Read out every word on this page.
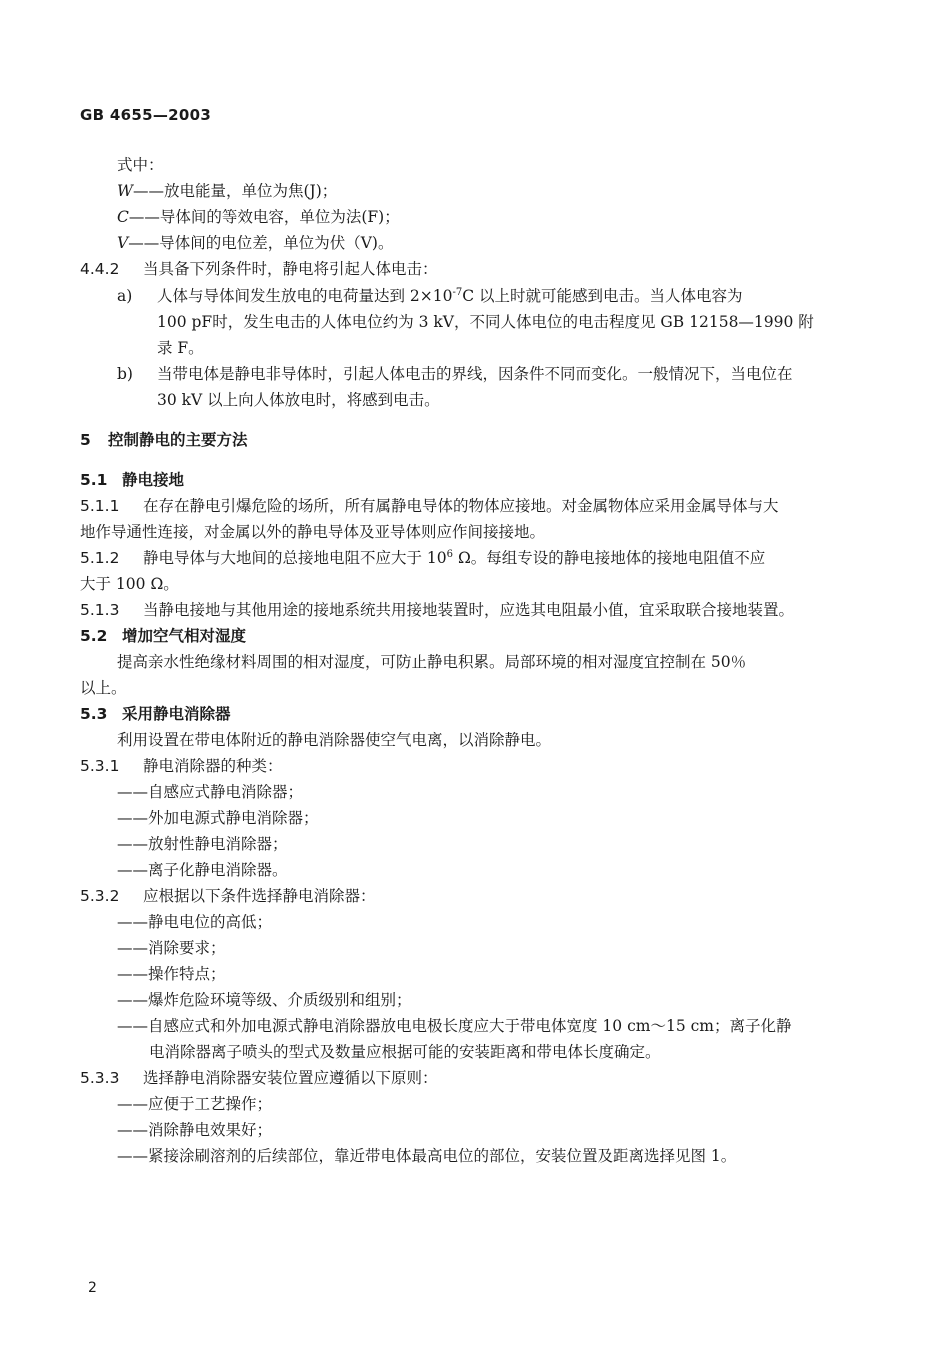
GB 4655—2003
式中：
W——放电能量，单位为焦(J)；
C——导体间的等效电容，单位为法(F)；
V——导体间的电位差，单位为伏（V)。
4.4.2 当具备下列条件时，静电将引起人体电击：
a) 人体与导体间发生放电的电荷量达到 $2\times 10^{-7}C$ 以上时就可能感到电击。当人体电容为
100 pF时，发生电击的人体电位约为 3 kV，不同人体电位的电击程度见 GB 12158—1990 附
录 F。
b) 当带电体是静电非导体时，引起人体电击的界线，因条件不同而变化。一般情况下，当电位在
30 kV 以上向人体放电时，将感到电击。
5 控制静电的主要方法
5.1 静电接地
5.1.1 在存在静电引爆危险的场所，所有属静电导体的物体应接地。对金属物体应采用金属导体与大
地作导通性连接，对金属以外的静电导体及亚导体则应作间接接地。
5.1.2 静电导体与大地间的总接地电阻不应大于 $10^6$ Ω。每组专设的静电接地体的接地电阻值不应
大于 100 Ω。
5.1.3 当静电接地与其他用途的接地系统共用接地装置时，应选其电阻最小值，宜采取联合接地装置。
5.2 增加空气相对湿度
提高亲水性绝缘材料周围的相对湿度，可防止静电积累。局部环境的相对湿度宜控制在 50％
以上。
5.3 采用静电消除器
利用设置在带电体附近的静电消除器使空气电离，以消除静电。
5.3.1 静电消除器的种类：
——自感应式静电消除器；
——外加电源式静电消除器；
——放射性静电消除器；
——离子化静电消除器。
5.3.2 应根据以下条件选择静电消除器：
——静电电位的高低；
——消除要求；
——操作特点；
——爆炸危险环境等级、介质级别和组别；
——自感应式和外加电源式静电消除器放电电极长度应大于带电体宽度 10 cm～15 cm；离子化静
电消除器离子喷头的型式及数量应根据可能的安装距离和带电体长度确定。
5.3.3 选择静电消除器安装位置应遵循以下原则：
——应便于工艺操作；
——消除静电效果好；
——紧接涂刷溶剂的后续部位，靠近带电体最高电位的部位，安装位置及距离选择见图 1。
2
